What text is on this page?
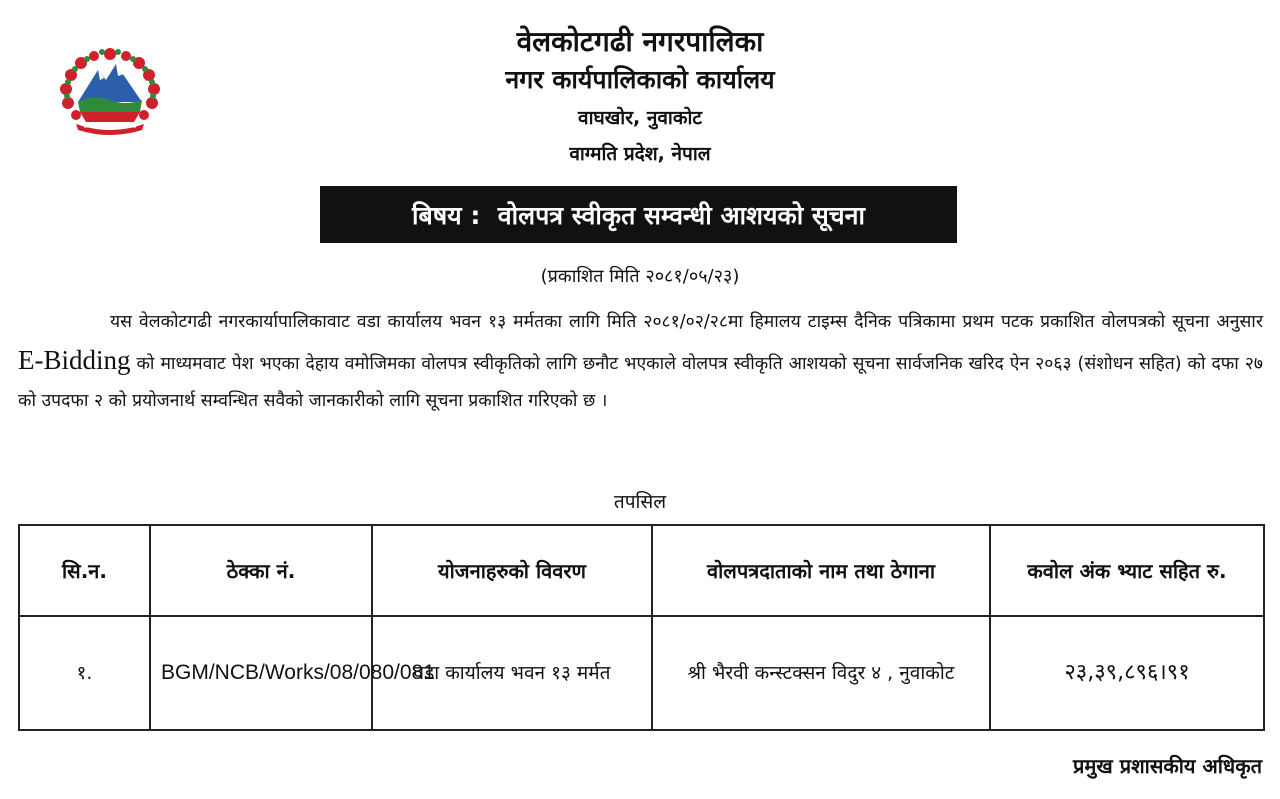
वेलकोटगढी नगरपालिका
नगर कार्यपालिकाको कार्यालय
वाघखोर, नुवाकोट
वाग्मति प्रदेश, नेपाल
बिषय :  वोलपत्र स्वीकृत सम्वन्धी आशयको सूचना
(प्रकाशित मिति २०८१/०५/२३)
यस वेलकोटगढी नगरकार्यापालिकावाट वडा कार्यालय भवन १३ मर्मतका लागि मिति २०८१/०२/२८मा हिमालय टाइम्स दैनिक पत्रिकामा प्रथम पटक प्रकाशित वोलपत्रको सूचना अनुसार E-Bidding को माध्यमवाट पेश भएका देहाय वमोजिमका वोलपत्र स्वीकृतिको लागि छनौट भएकाले वोलपत्र स्वीकृति आशयको सूचना सार्वजनिक खरिद ऐन २०६३ (संशोधन सहित) को दफा २७ को उपदफा २ को प्रयोजनार्थ सम्वन्धित सवैको जानकारीको लागि सूचना प्रकाशित गरिएको छ ।
तपसिल
सि.न.	ठेक्का नं.	योजनाहरुको विवरण	वोलपत्रदाताको नाम तथा ठेगाना	कवोल अंक भ्याट सहित रु.
१.	BGM/NCB/Works/08/080/081	वडा कार्यालय भवन १३ मर्मत	श्री भैरवी कन्स्टक्सन विदुर ४ , नुवाकोट	२३,३९,८९६।९१
प्रमुख प्रशासकीय अधिकृत
